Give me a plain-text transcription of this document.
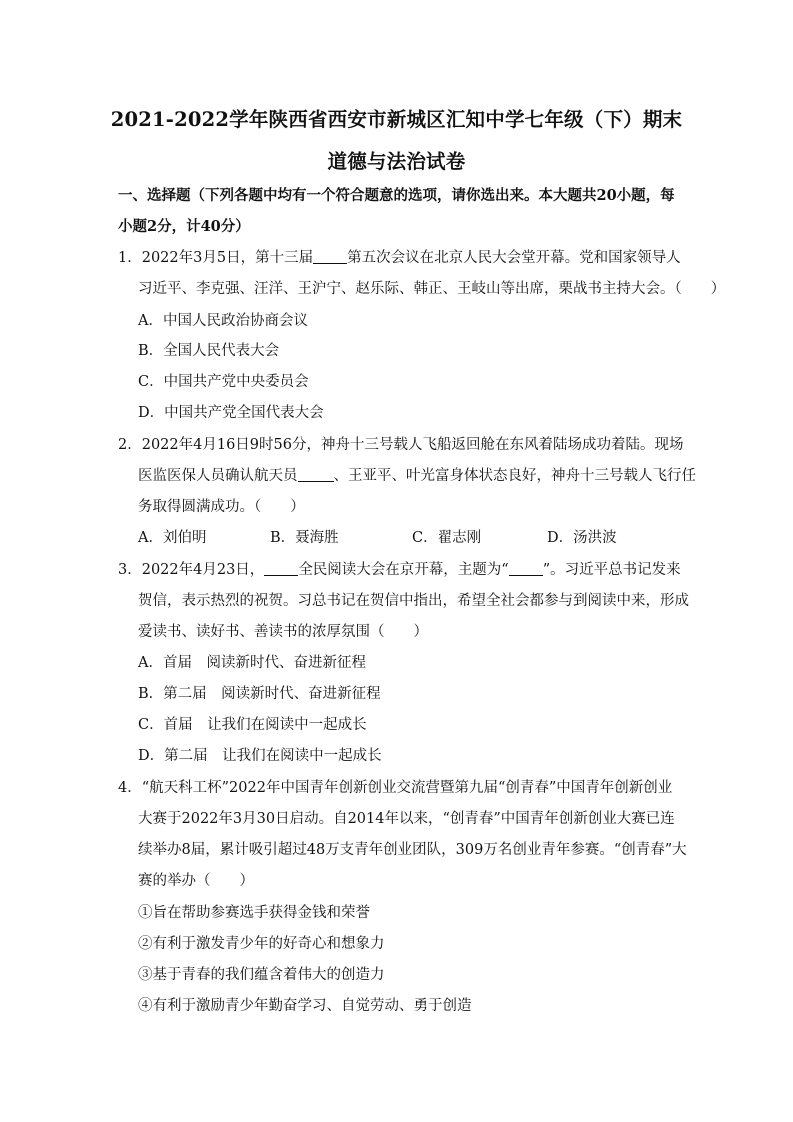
2021-2022学年陕西省西安市新城区汇知中学七年级（下）期末
道德与法治试卷
一、选择题（下列各题中均有一个符合题意的选项，请你选出来。本大题共20小题，每小题2分，计40分）
1．2022年3月5日，第十三届 第五次会议在北京人民大会堂开幕。党和国家领导人
习近平、李克强、汪洋、王沪宁、赵乐际、韩正、王岐山等出席，栗战书主持大会。（　　）
A．中国人民政治协商会议
B．全国人民代表大会
C．中国共产党中央委员会
D．中国共产党全国代表大会
2．2022年4月16日9时56分，神舟十三号载人飞船返回舱在东风着陆场成功着陆。现场
医监医保人员确认航天员 、王亚平、叶光富身体状态良好，神舟十三号载人飞行任
务取得圆满成功。（　　）
A．刘伯明	B．聂海胜	C．翟志刚	D．汤洪波
3．2022年4月23日， 全民阅读大会在京开幕，主题为“ ”。习近平总书记发来
贺信，表示热烈的祝贺。习总书记在贺信中指出，希望全社会都参与到阅读中来，形成
爱读书、读好书、善读书的浓厚氛围（　　）
A．首届　阅读新时代、奋进新征程
B．第二届　阅读新时代、奋进新征程
C．首届　让我们在阅读中一起成长
D．第二届　让我们在阅读中一起成长
4．“航天科工杯”2022年中国青年创新创业交流营暨第九届“创青春”中国青年创新创业
大赛于2022年3月30日启动。自2014年以来，“创青春”中国青年创新创业大赛已连
续举办8届，累计吸引超过48万支青年创业团队，309万名创业青年参赛。“创青春”大
赛的举办（　　）
①旨在帮助参赛选手获得金钱和荣誉
②有利于激发青少年的好奇心和想象力
③基于青春的我们蕴含着伟大的创造力
④有利于激励青少年勤奋学习、自觉劳动、勇于创造
